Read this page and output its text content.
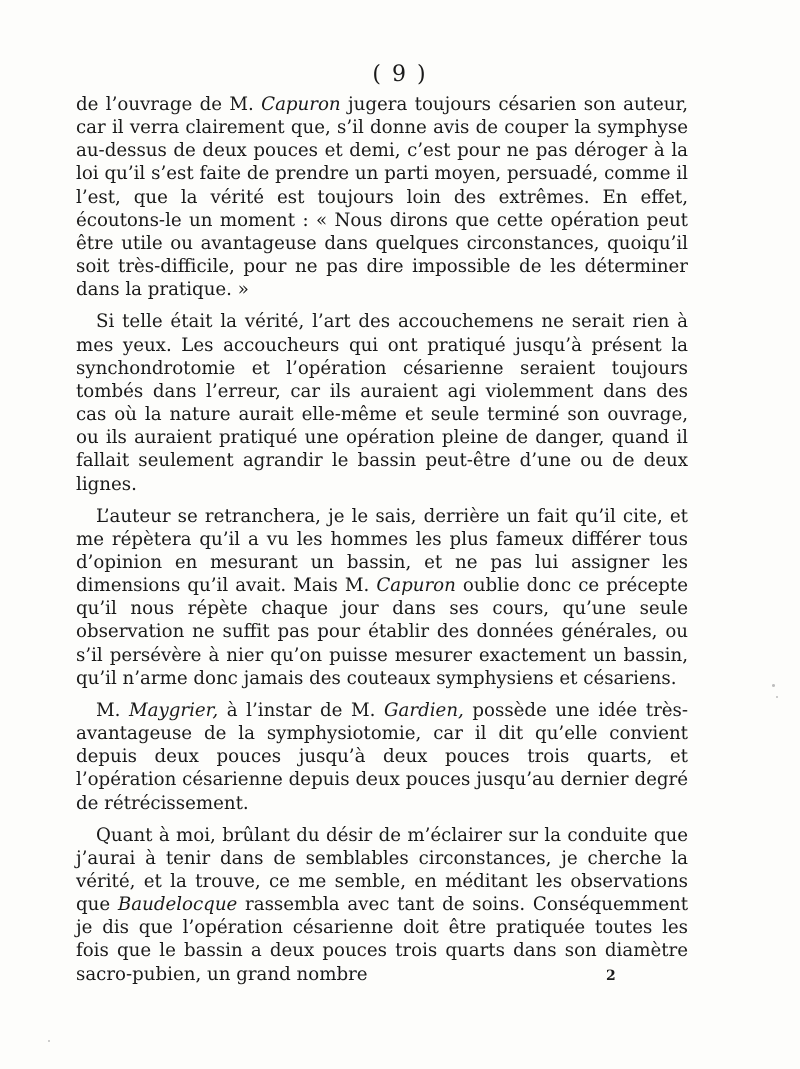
( 9 )

de l’ouvrage de M. Capuron jugera toujours césarien son auteur, car il verra clairement que, s’il donne avis de couper la symphyse au-dessus de deux pouces et demi, c’est pour ne pas déroger à la loi qu’il s’est faite de prendre un parti moyen, persuadé, comme il l’est, que la vérité est toujours loin des extrêmes. En effet, écoutons-le un moment : « Nous dirons que cette opération peut être utile ou avantageuse dans quelques circonstances, quoiqu’il soit très-difficile, pour ne pas dire impossible de les déterminer dans la pratique. »

Si telle était la vérité, l’art des accouchemens ne serait rien à mes yeux. Les accoucheurs qui ont pratiqué jusqu’à présent la synchondrotomie et l’opération césarienne seraient toujours tombés dans l’erreur, car ils auraient agi violemment dans des cas où la nature aurait elle-même et seule terminé son ouvrage, ou ils auraient pratiqué une opération pleine de danger, quand il fallait seulement agrandir le bassin peut-être d’une ou de deux lignes.

L’auteur se retranchera, je le sais, derrière un fait qu’il cite, et me répètera qu’il a vu les hommes les plus fameux différer tous d’opinion en mesurant un bassin, et ne pas lui assigner les dimensions qu’il avait. Mais M. Capuron oublie donc ce précepte qu’il nous répète chaque jour dans ses cours, qu’une seule observation ne suffit pas pour établir des données générales, ou s’il persévère à nier qu’on puisse mesurer exactement un bassin, qu’il n’arme donc jamais des couteaux symphysiens et césariens.

M. Maygrier, à l’instar de M. Gardien, possède une idée très-avantageuse de la symphysiotomie, car il dit qu’elle convient depuis deux pouces jusqu’à deux pouces trois quarts, et l’opération césarienne depuis deux pouces jusqu’au dernier degré de rétrécissement.

Quant à moi, brûlant du désir de m’éclairer sur la conduite que j’aurai à tenir dans de semblables circonstances, je cherche la vérité, et la trouve, ce me semble, en méditant les observations que Baudelocque rassembla avec tant de soins. Conséquemment je dis que l’opération césarienne doit être pratiquée toutes les fois que le bassin a deux pouces trois quarts dans son diamètre sacro-pubien, un grand nombre	2
